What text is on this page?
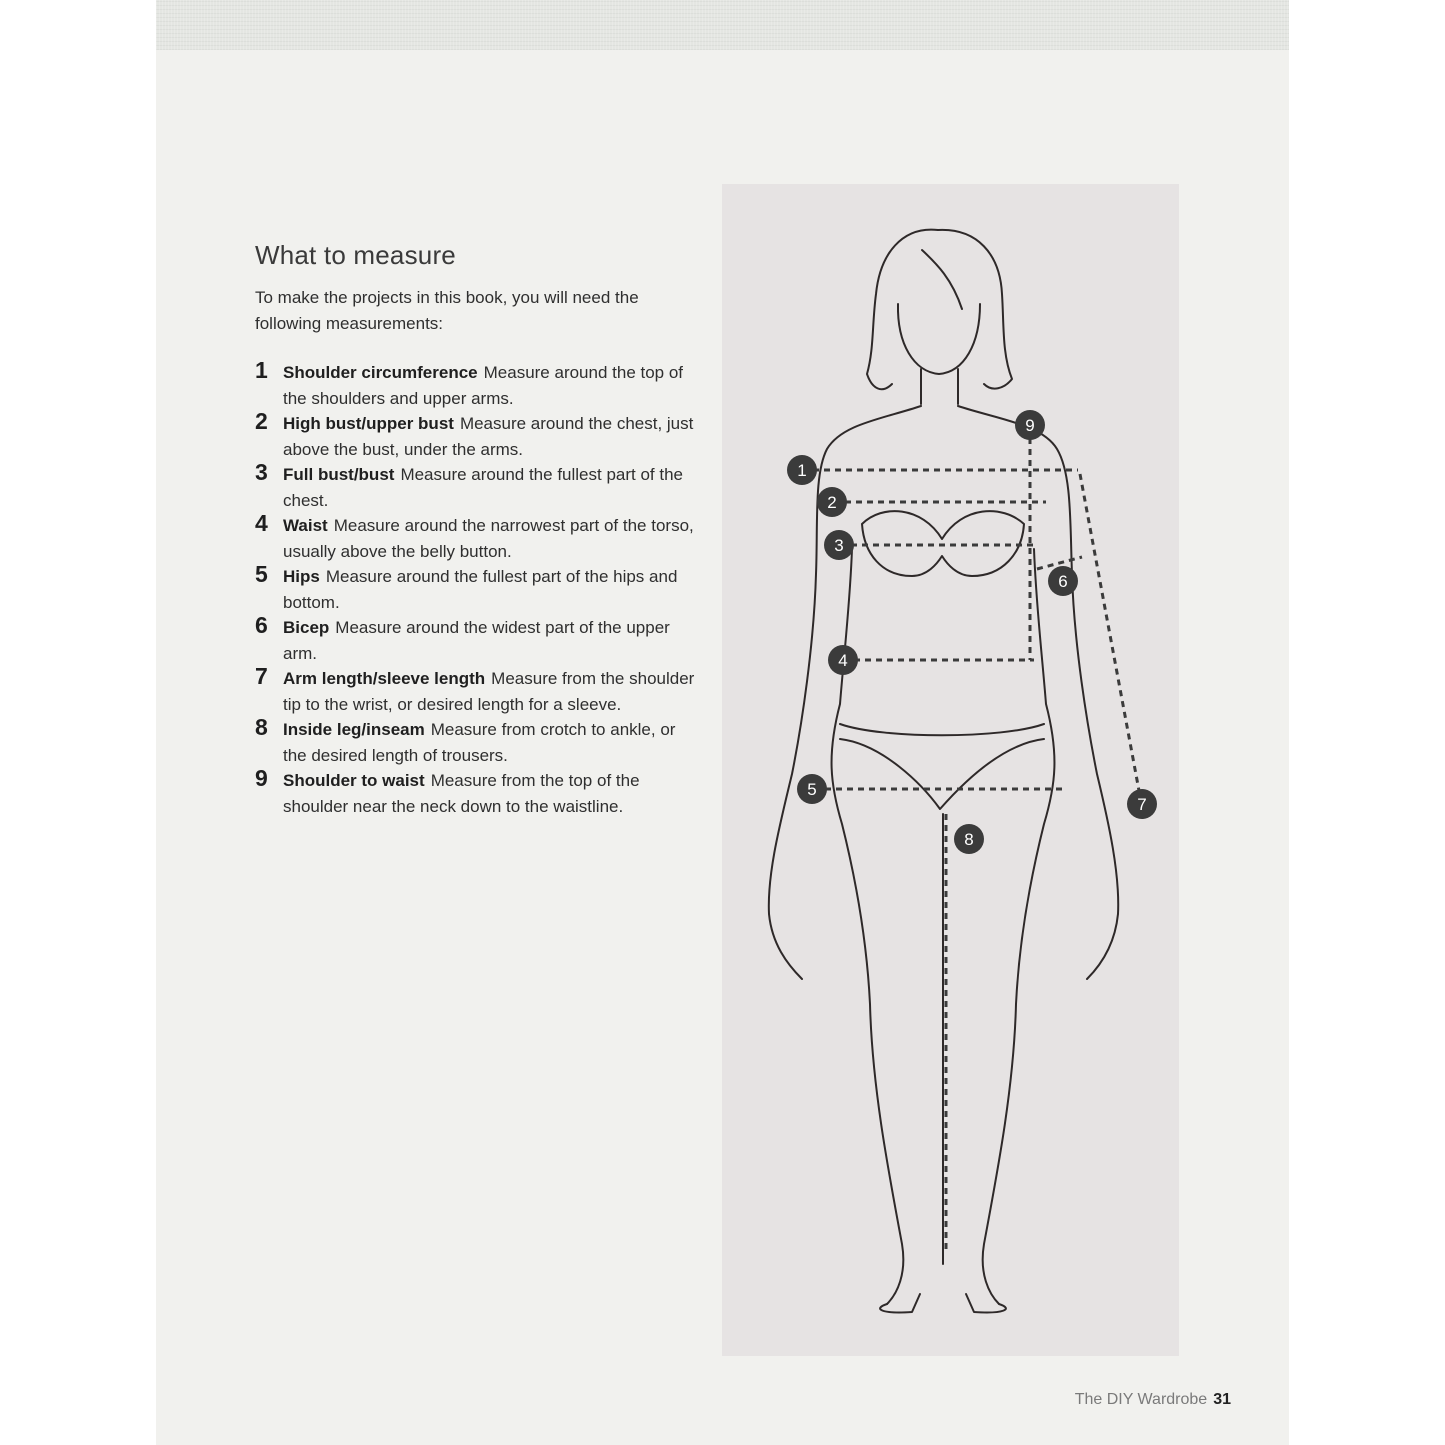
What to measure

To make the projects in this book, you will need the following measurements:

1 Shoulder circumference Measure around the top of the shoulders and upper arms.
2 High bust/upper bust Measure around the chest, just above the bust, under the arms.
3 Full bust/bust Measure around the fullest part of the chest.
4 Waist Measure around the narrowest part of the torso, usually above the belly button.
5 Hips Measure around the fullest part of the hips and bottom.
6 Bicep Measure around the widest part of the upper arm.
7 Arm length/sleeve length Measure from the shoulder tip to the wrist, or desired length for a sleeve.
8 Inside leg/inseam Measure from crotch to ankle, or the desired length of trousers.
9 Shoulder to waist Measure from the top of the shoulder near the neck down to the waistline.
1
2
3
4
5
6
7
8
9
The DIY Wardrobe 31
